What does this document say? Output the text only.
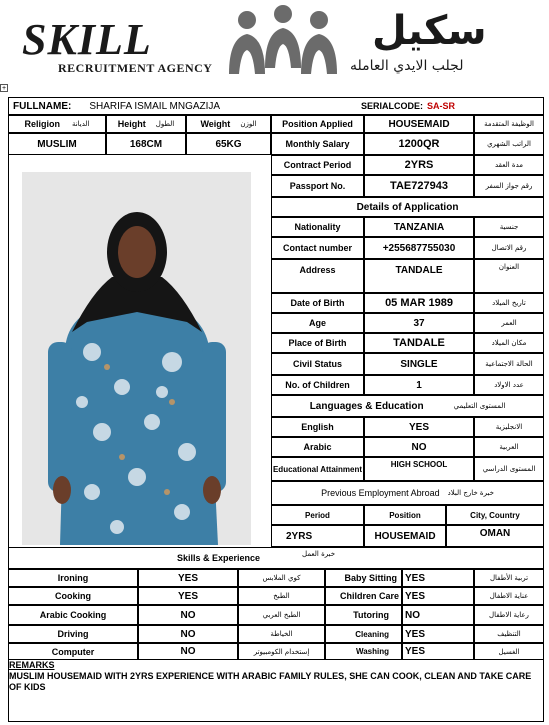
SKILL
RECRUITMENT AGENCY
سكيل
لجلب الايدي العامله
+
FULLNAME: SHARIFA ISMAIL MNGAZIJA	SERIALCODE: SA-SR
Religion الديانة	Height الطول	Weight الوزن	Position Applied	HOUSEMAID	الوظيفة المتقدمة
MUSLIM	168CM	65KG	Monthly Salary	1200QR	الراتب الشهري
Contract Period	2YRS	مدة العقد
Passport No.	TAE727943	رقم جواز السفر
Details of Application
Nationality	TANZANIA	جنسية
Contact number	+255687755030	رقم الاتصال
Address	TANDALE	العنوان
Date of Birth	05 MAR 1989	تاريخ الميلاد
Age	37	العمر
Place of Birth	TANDALE	مكان الميلاد
Civil Status	SINGLE	الحالة الاجتماعية
No. of Children	1	عدد الاولاد
Languages & Education	المستوى التعليمي
English	YES	الانجليزية
Arabic	NO	العربية
Educational Attainment	HIGH SCHOOL	المستوى الدراسي
Previous Employment Abroad خبرة خارج البلاد
Period	Position	City, Country
2YRS	HOUSEMAID	OMAN
Skills & Experience	خبرة العمل
Ironing	YES	كوي الملابس	Baby Sitting YES	تربية الأطفال
Cooking	YES	الطبخ	Children Care YES	عناية الاطفال
Arabic Cooking	NO	الطبخ العربي	Tutoring	NO	رعاية الاطفال
Driving	NO	الخياطة	Cleaning	YES	التنظيف
Computer	NO	إستخدام الكومبيوتر	Washing	YES	الغسيل
REMARKS
MUSLIM HOUSEMAID WITH 2YRS EXPERIENCE WITH ARABIC FAMILY RULES, SHE CAN COOK, CLEAN AND TAKE CARE OF KIDS
